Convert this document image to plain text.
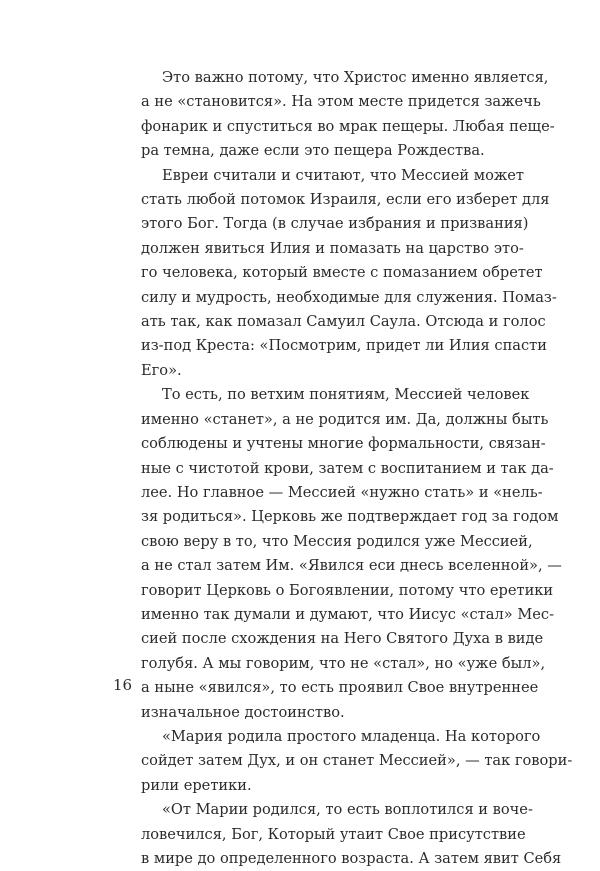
Это важно потому, что Христос именно является,
а не «становится». На этом месте придется зажечь
фонарик и спуститься во мрак пещеры. Любая пеще-
ра темна, даже если это пещера Рождества.
Евреи считали и считают, что Мессией может
стать любой потомок Израиля, если его изберет для
этого Бог. Тогда (в случае избрания и призвания)
должен явиться Илия и помазать на царство это-
го человека, который вместе с помазанием обретет
силу и мудрость, необходимые для служения. Помаз-
ать так, как помазал Самуил Саула. Отсюда и голос
из-под Креста: «Посмотрим, придет ли Илия спасти
Его».
То есть, по ветхим понятиям, Мессией человек
именно «станет», а не родится им. Да, должны быть
соблюдены и учтены многие формальности, связан-
ные с чистотой крови, затем с воспитанием и так да-
лее. Но главное — Мессией «нужно стать» и «нель-
зя родиться». Церковь же подтверждает год за годом
свою веру в то, что Мессия родился уже Мессией,
а не стал затем Им. «Явился еси днесь вселенной», —
говорит Церковь о Богоявлении, потому что еретики
именно так думали и думают, что Иисус «стал» Мес-
сией после схождения на Него Святого Духа в виде
голубя. А мы говорим, что не «стал», но «уже был»,
а ныне «явился», то есть проявил Свое внутреннее
изначальное достоинство.
«Мария родила простого младенца. На которого
сойдет затем Дух, и он станет Мессией», — так говори-
рили еретики.
«От Марии родился, то есть воплотился и воче-
ловечился, Бог, Который утаит Свое присутствие
в мире до определенного возраста. А затем явит Себя
16
